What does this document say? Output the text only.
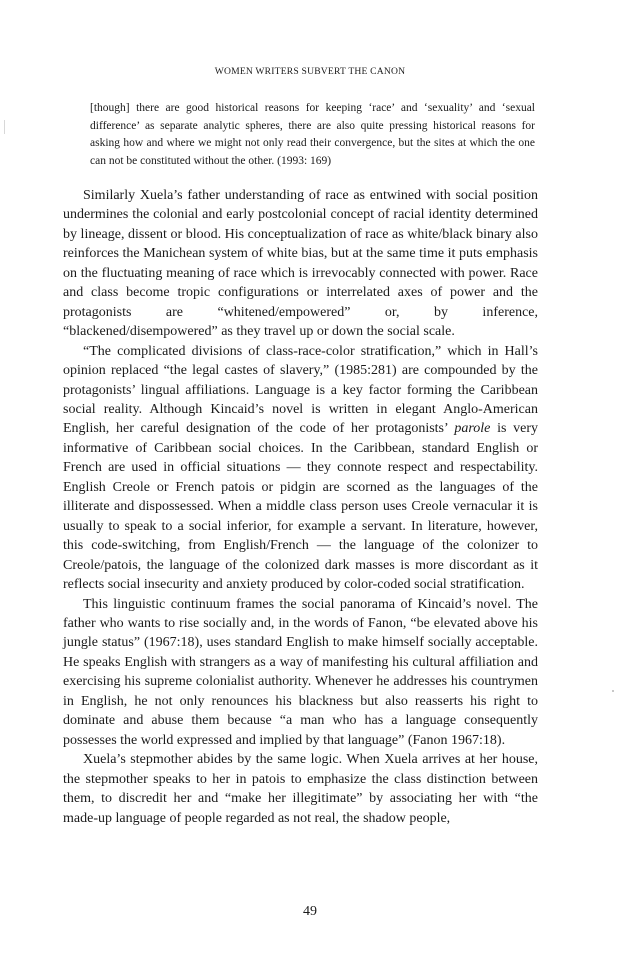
WOMEN WRITERS SUBVERT THE CANON

[though] there are good historical reasons for keeping ‘race’ and ‘sexuality’ and ‘sexual difference’ as separate analytic spheres, there are also quite pressing historical reasons for asking how and where we might not only read their convergence, but the sites at which the one can not be constituted without the other. (1993: 169)

Similarly Xuela’s father understanding of race as entwined with social position undermines the colonial and early postcolonial concept of racial identity determined by lineage, dissent or blood. His conceptualization of race as white/black binary also reinforces the Manichean system of white bias, but at the same time it puts emphasis on the fluctuating meaning of race which is irrevocably connected with power. Race and class become tropic configurations or interrelated axes of power and the protagonists are “whitened/empowered” or, by inference, “blackened/disempowered” as they travel up or down the social scale.

“The complicated divisions of class-race-color stratification,” which in Hall’s opinion replaced “the legal castes of slavery,” (1985:281) are compounded by the protagonists’ lingual affiliations. Language is a key factor forming the Caribbean social reality. Although Kincaid’s novel is written in elegant Anglo-American English, her careful designation of the code of her protagonists’ parole is very informative of Caribbean social choices. In the Caribbean, standard English or French are used in official situations — they connote respect and respectability. English Creole or French patois or pidgin are scorned as the languages of the illiterate and dispossessed. When a middle class person uses Creole vernacular it is usually to speak to a social inferior, for example a servant. In literature, however, this code-switching, from English/French — the language of the colonizer to Creole/patois, the language of the colonized dark masses is more discordant as it reflects social insecurity and anxiety produced by color-coded social stratification.

This linguistic continuum frames the social panorama of Kincaid’s novel. The father who wants to rise socially and, in the words of Fanon, “be elevated above his jungle status” (1967:18), uses standard English to make himself socially acceptable. He speaks English with strangers as a way of manifesting his cultural affiliation and exercising his supreme colonialist authority. Whenever he addresses his countrymen in English, he not only renounces his blackness but also reasserts his right to dominate and abuse them because “a man who has a language consequently possesses the world expressed and implied by that language” (Fanon 1967:18).

Xuela’s stepmother abides by the same logic. When Xuela arrives at her house, the stepmother speaks to her in patois to emphasize the class distinction between them, to discredit her and “make her illegitimate” by associating her with “the made-up language of people regarded as not real, the shadow people,

49
